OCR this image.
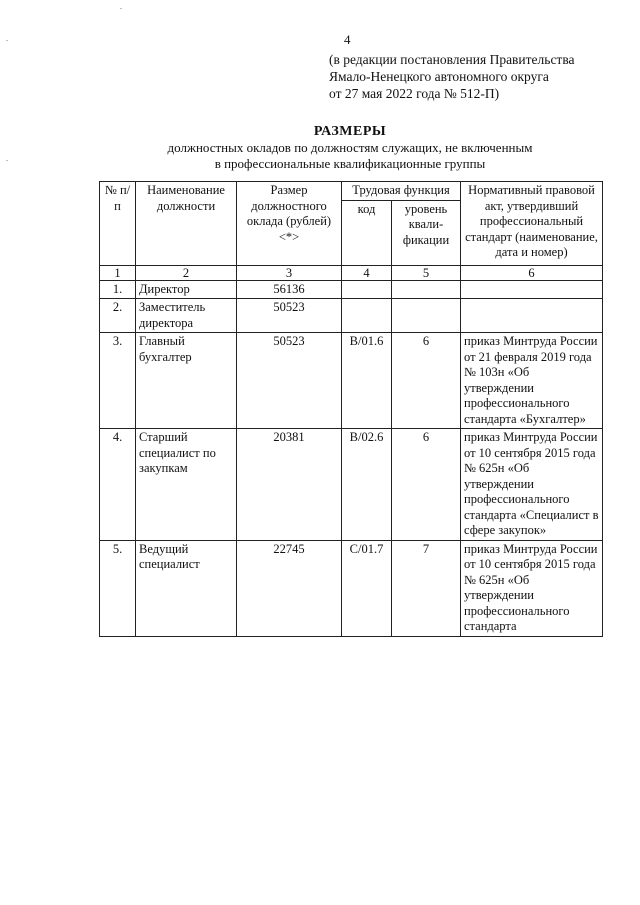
4
(в редакции постановления Правительства
Ямало-Ненецкого автономного округа
от 27 мая 2022 года № 512-П)
РАЗМЕРЫ
должностных окладов по должностям служащих, не включенным
в профессиональные квалификационные группы
№ п/п	Наименование должности	Размер должностного оклада (рублей) <*>	Трудовая функция		Нормативный правовой акт, утвердивший профессиональный стандарт (наименование, дата и номер)
			код	уровень квали-фикации	
1	2	3	4	5	6
1.	Директор	56136			
2.	Заместитель директора	50523			
3.	Главный бухгалтер	50523	В/01.6	6	приказ Минтруда России от 21 февраля 2019 года № 103н «Об утверждении профессионального стандарта «Бухгалтер»
4.	Старший специалист по закупкам	20381	В/02.6	6	приказ Минтруда России от 10 сентября 2015 года № 625н «Об утверждении профессионального стандарта «Специалист в сфере закупок»
5.	Ведущий специалист	22745	С/01.7	7	приказ Минтруда России от 10 сентября 2015 года № 625н «Об утверждении профессионального стандарта
